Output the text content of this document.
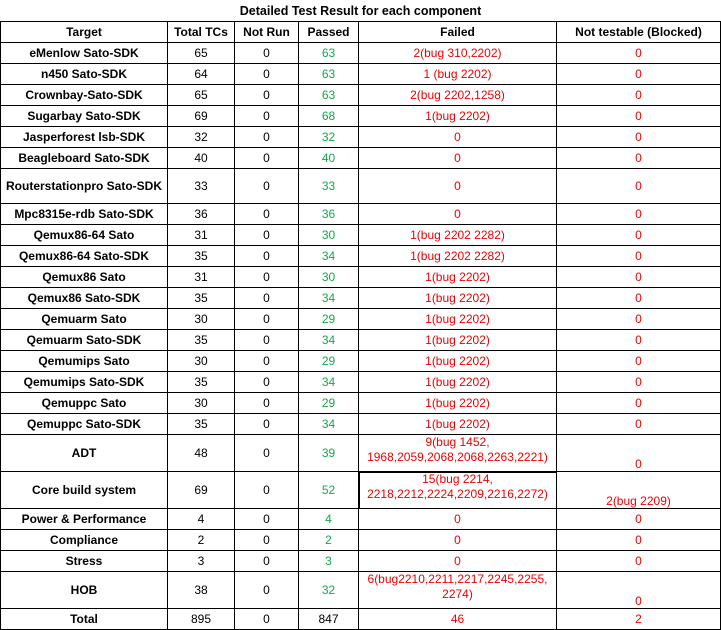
Detailed Test Result for each component
Target	Total TCs	Not Run	Passed	Failed	Not testable (Blocked)
eMenlow Sato-SDK	65	0	63	2(bug 310,2202)	0
n450 Sato-SDK	64	0	63	1 (bug 2202)	0
Crownbay-Sato-SDK	65	0	63	2(bug 2202,1258)	0
Sugarbay Sato-SDK	69	0	68	1(bug 2202)	0
Jasperforest lsb-SDK	32	0	32	0	0
Beagleboard Sato-SDK	40	0	40	0	0
Routerstationpro Sato-SDK	33	0	33	0	0
Mpc8315e-rdb Sato-SDK	36	0	36	0	0
Qemux86-64 Sato	31	0	30	1(bug 2202 2282)	0
Qemux86-64 Sato-SDK	35	0	34	1(bug 2202 2282)	0
Qemux86 Sato	31	0	30	1(bug 2202)	0
Qemux86 Sato-SDK	35	0	34	1(bug 2202)	0
Qemuarm Sato	30	0	29	1(bug 2202)	0
Qemuarm Sato-SDK	35	0	34	1(bug 2202)	0
Qemumips Sato	30	0	29	1(bug 2202)	0
Qemumips Sato-SDK	35	0	34	1(bug 2202)	0
Qemuppc Sato	30	0	29	1(bug 2202)	0
Qemuppc Sato-SDK	35	0	34	1(bug 2202)	0
ADT	48	0	39	9(bug 1452, 1968,2059,2068,2068,2263,2221)	0
Core build system	69	0	52	15(bug 2214, 2218,2212,2224,2209,2216,2272)	2(bug 2209)
Power & Performance	4	0	4	0	0
Compliance	2	0	2	0	0
Stress	3	0	3	0	0
HOB	38	0	32	6(bug2210,2211,2217,2245,2255, 2274)	0
Total	895	0	847	46	2
